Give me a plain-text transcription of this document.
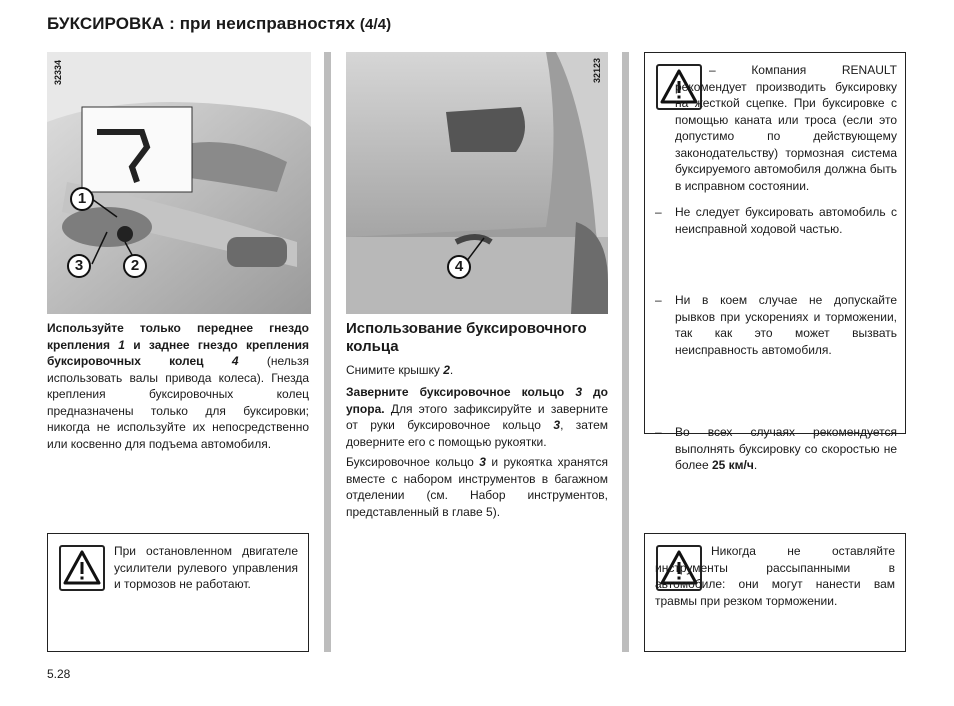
БУКСИРОВКА : при неисправностях (4/4)
32334
1
3	2
Используйте только переднее гнездо крепления 1 и заднее гнездо крепления буксировочных колец 4 (нельзя использовать валы привода колеса). Гнезда крепления буксировочных колец предназначены только для буксировки; никогда не используйте их непосредственно или косвенно для подъема автомобиля.
При остановленном двигателе усилители рулевого управления и тормозов не работают.
32123
4
Использование буксировочного кольца
Снимите крышку 2.
Заверните буксировочное кольцо 3 до упора. Для этого зафиксируйте и заверните от руки буксировочное кольцо 3, затем доверните его с помощью рукоятки.
Буксировочное кольцо 3 и рукоятка хранятся вместе с набором инструментов в багажном отделении (см. Набор инструментов, представленный в главе 5).
– Компания RENAULT рекомендует производить буксировку на жесткой сцепке. При буксировке с помощью каната или троса (если это допустимо по действующему законодательству) тормозная система буксируемого автомобиля должна быть в исправном состоянии.
– Не следует буксировать автомобиль с неисправной ходовой частью.
– Ни в коем случае не допускайте рывков при ускорениях и торможении, так как это может вызвать неисправность автомобиля.
– Во всех случаях рекомендуется выполнять буксировку со скоростью не более 25 км/ч.
Никогда не оставляйте инструменты рассыпанными в автомобиле: они могут нанести вам травмы при резком торможении.
5.28
